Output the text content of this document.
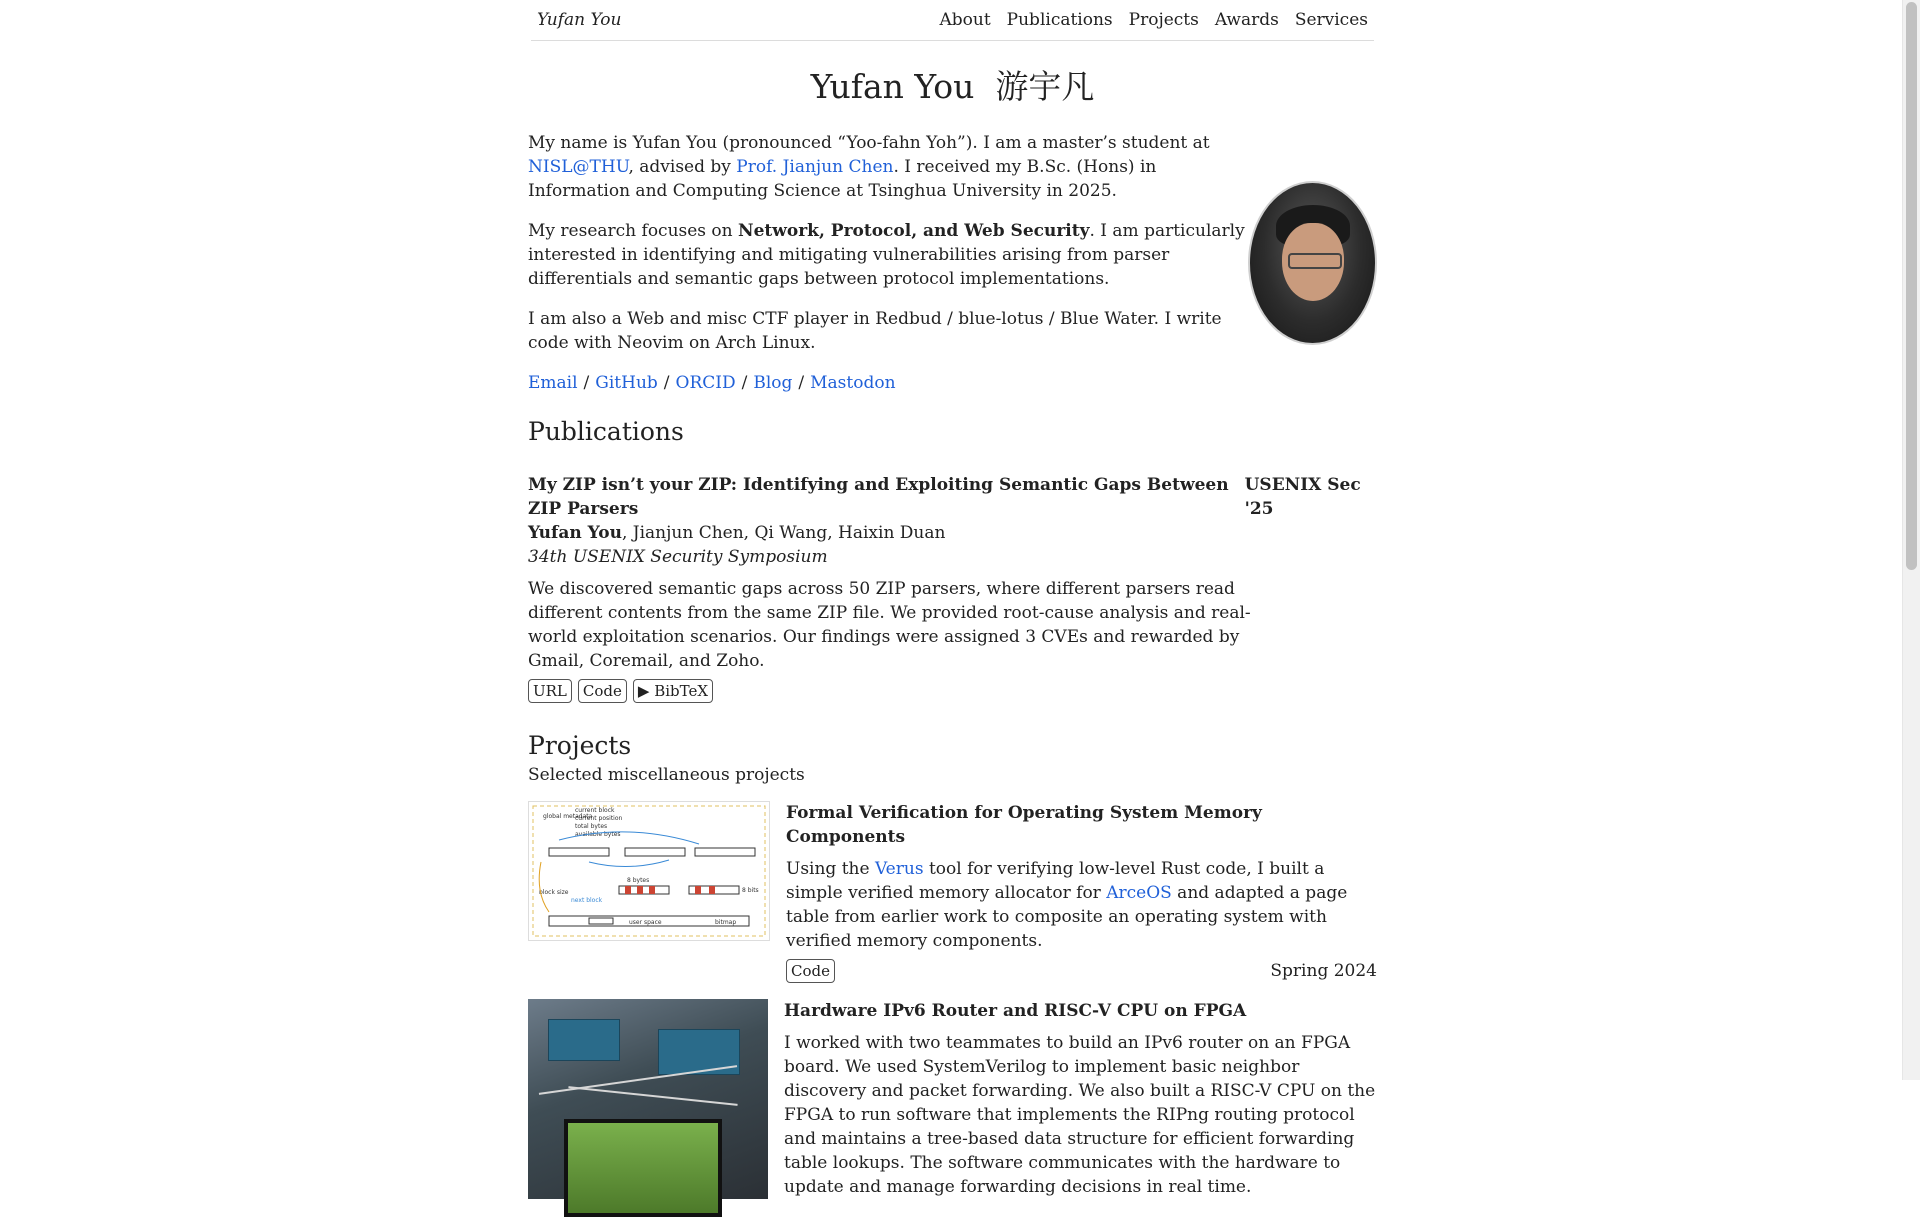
Yufan You	About Publications Projects Awards Services
Yufan You 游宇凡

My name is Yufan You (pronounced “Yoo-fahn Yoh”). I am a master’s student at NISL@THU, advised by Prof. Jianjun Chen. I received my B.Sc. (Hons) in Information and Computing Science at Tsinghua University in 2025.

My research focuses on Network, Protocol, and Web Security. I am particularly interested in identifying and mitigating vulnerabilities arising from parser differentials and semantic gaps between protocol implementations.

I am also a Web and misc CTF player in Redbud / blue-lotus / Blue Water. I write code with Neovim on Arch Linux.

Email / GitHub / ORCID / Blog / Mastodon
Publications
My ZIP isn’t your ZIP: Identifying and Exploiting Semantic Gaps Between ZIP Parsers
USENIX Sec '25
Yufan You, Jianjun Chen, Qi Wang, Haixin Duan
34th USENIX Security Symposium
We discovered semantic gaps across 50 ZIP parsers, where different parsers read different contents from the same ZIP file. We provided root-cause analysis and real-world exploitation scenarios. Our findings were assigned 3 CVEs and rewarded by Gmail, Coremail, and Zoho.
URL Code ▶ BibTeX
Projects
Selected miscellaneous projects
global metadata
current block
current position
total bytes
available bytes
8 bytes
8 bits
block size
next block
user space	bitmap
Formal Verification for Operating System Memory Components
Using the Verus tool for verifying low-level Rust code, I built a simple verified memory allocator for ArceOS and adapted a page table from earlier work to composite an operating system with verified memory components.
Code	Spring 2024
Hardware IPv6 Router and RISC-V CPU on FPGA
I worked with two teammates to build an IPv6 router on an FPGA board. We used SystemVerilog to implement basic neighbor discovery and packet forwarding. We also built a RISC-V CPU on the FPGA to run software that implements the RIPng routing protocol and maintains a tree-based data structure for efficient forwarding table lookups. The software communicates with the hardware to update and manage forwarding decisions in real time.
